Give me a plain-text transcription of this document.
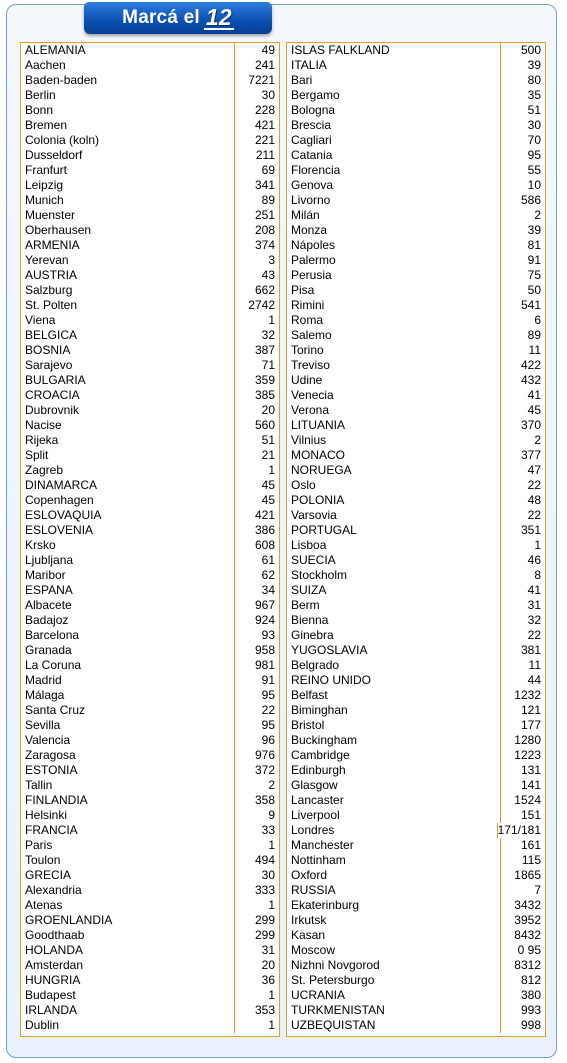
Marcá el 12
ALEMANIA	49
Aachen	241
Baden-baden	7221
Berlin	30
Bonn	228
Bremen	421
Colonia (koln)	221
Dusseldorf	211
Franfurt	69
Leipzig	341
Munich	89
Muenster	251
Oberhausen	208
ARMENIA	374
Yerevan	3
AUSTRIA	43
Salzburg	662
St. Polten	2742
Viena	1
BELGICA	32
BOSNIA	387
Sarajevo	71
BULGARIA	359
CROACIA	385
Dubrovnik	20
Nacise	560
Rijeka	51
Split	21
Zagreb	1
DINAMARCA	45
Copenhagen	45
ESLOVAQUIA	421
ESLOVENIA	386
Krsko	608
Ljubljana	61
Maribor	62
ESPANA	34
Albacete	967
Badajoz	924
Barcelona	93
Granada	958
La Coruna	981
Madrid	91
Málaga	95
Santa Cruz	22
Sevilla	95
Valencia	96
Zaragosa	976
ESTONIA	372
Tallin	2
FINLANDIA	358
Helsinki	9
FRANCIA	33
Paris	1
Toulon	494
GRECIA	30
Alexandria	333
Atenas	1
GROENLANDIA	299
Goodthaab	299
HOLANDA	31
Amsterdan	20
HUNGRIA	36
Budapest	1
IRLANDA	353
Dublin	1
ISLAS FALKLAND	500
ITALIA	39
Bari	80
Bergamo	35
Bologna	51
Brescia	30
Cagliari	70
Catania	95
Florencia	55
Genova	10
Livorno	586
Milán	2
Monza	39
Nápoles	81
Palermo	91
Perusia	75
Pisa	50
Rimini	541
Roma	6
Salemo	89
Torino	11
Treviso	422
Udine	432
Venecia	41
Verona	45
LITUANIA	370
Vilnius	2
MONACO	377
NORUEGA	47
Oslo	22
POLONIA	48
Varsovia	22
PORTUGAL	351
Lisboa	1
SUECIA	46
Stockholm	8
SUIZA	41
Berm	31
Bienna	32
Ginebra	22
YUGOSLAVIA	381
Belgrado	11
REINO UNIDO	44
Belfast	1232
Biminghan	121
Bristol	177
Buckingham	1280
Cambridge	1223
Edinburgh	131
Glasgow	141
Lancaster	1524
Liverpool	151
Londres	171/181
Manchester	161
Nottinham	115
Oxford	1865
RUSSIA	7
Ekaterinburg	3432
Irkutsk	3952
Kasan	8432
Moscow	0 95
Nizhni Novgorod	8312
St. Petersburgo	812
UCRANIA	380
TURKMENISTAN	993
UZBEQUISTAN	998
